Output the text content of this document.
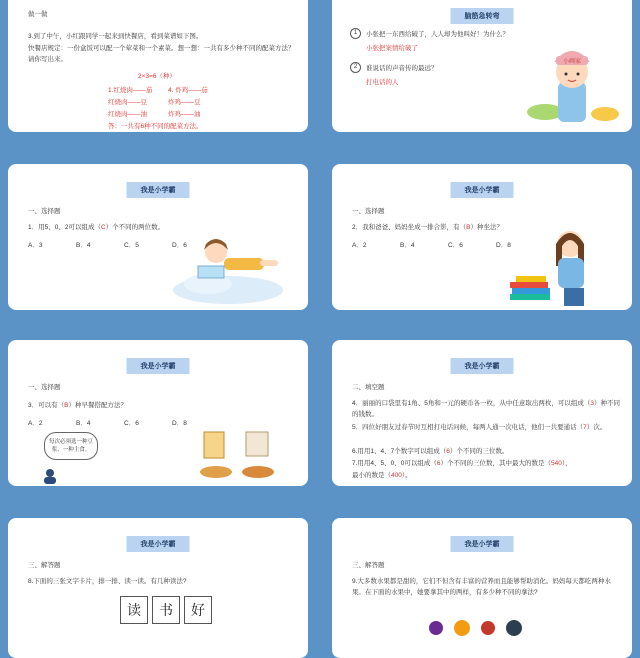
做一做
3.到了中午，小红跟同学一起来到快餐店，看到菜谱如下图。
快餐店规定：一份盒饭可以配一个荤菜和一个素菜。想一想：一共有多少种不同的配菜方法？
请你写出来。
2×3=6（种）
1.红烧肉——茄 4. 炸鸡——茄
红烧肉——豆	炸鸡——豆
红烧肉——油	炸鸡——油
答：一共有6种不同的配菜方法。
脑筋急转弯
1	小张把一东西给破了，人人却为他叫好！为什么？
小张把案情给破了
2	谁说话的声音传的最远？
打电话的人
小画家
我是小学霸
一、选择题
1．用5、0、2可以组成（C）个不同的两位数。
A．3	B．4	C．5	D．6
我是小学霸
一、选择题
2．我和爸爸、妈妈坐成一排合影，有（B）种坐法？
A．2	B．4	C．6	D．8
我是小学霸
一、选择题
3．可以有（B）种早餐搭配方法？
A．2	B．4	C．6	D．8
每次必须选一种豆浆、一种主食。
我是小学霸
二、填空题
4．丽丽的口袋里有1角、5角和一元的硬币各一枚，从中任意取出两枚，可以组成（3）种不同的钱数。
5．四位好朋友过春节时互相打电话问候，每两人通一次电话，他们一共要通话（7）次。
6.用用1、4、7个数字可以组成（6）个不同的三位数。
7.用用4、5、0、0可以组成（6）个不同的三位数，其中最大的数是（540），
最小的数是（400）。
我是小学霸
三、解答题
8.下面的三张文字卡片，排一排、读一读。有几种读法?
读	书	好
我是小学霸
三、解答题
9.大多数水果都是甜的，它们不但含有丰富的营养而且能够帮助消化。妈妈每天都吃两种水果。在下面的水果中，她要拿其中的两样，有多少种不同的拿法?
